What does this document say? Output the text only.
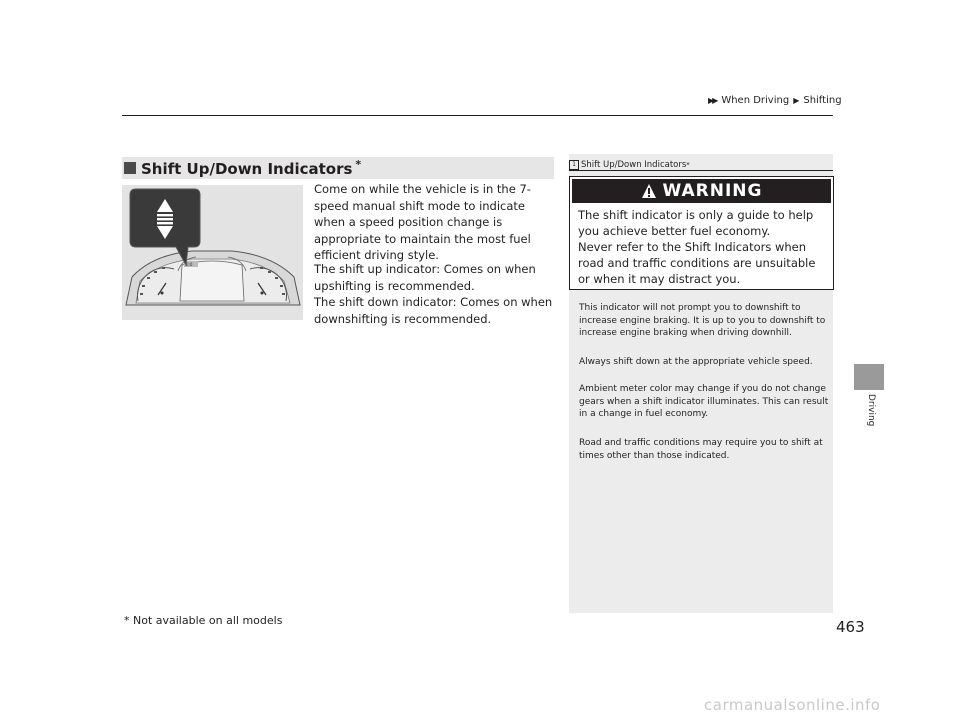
▶▶ When Driving ▶ Shifting
Driving
Shift Up/Down Indicators *
0:0

Come on while the vehicle is in the 7-speed manual shift mode to indicate when a speed position change is appropriate to maintain the most fuel efficient driving style.

The shift up indicator: Comes on when upshifting is recommended.

The shift down indicator: Comes on when downshifting is recommended.

1 Shift Up/Down Indicators *
WARNING

The shift indicator is only a guide to help you achieve better fuel economy.

Never refer to the Shift Indicators when road and traffic conditions are unsuitable or when it may distract you.

This indicator will not prompt you to downshift to increase engine braking. It is up to you to downshift to increase engine braking when driving downhill.

Always shift down at the appropriate vehicle speed.

Ambient meter color may change if you do not change gears when a shift indicator illuminates. This can result in a change in fuel economy.

Road and traffic conditions may require you to shift at times other than those indicated.

* Not available on all models	463
carmanualsonline.info
